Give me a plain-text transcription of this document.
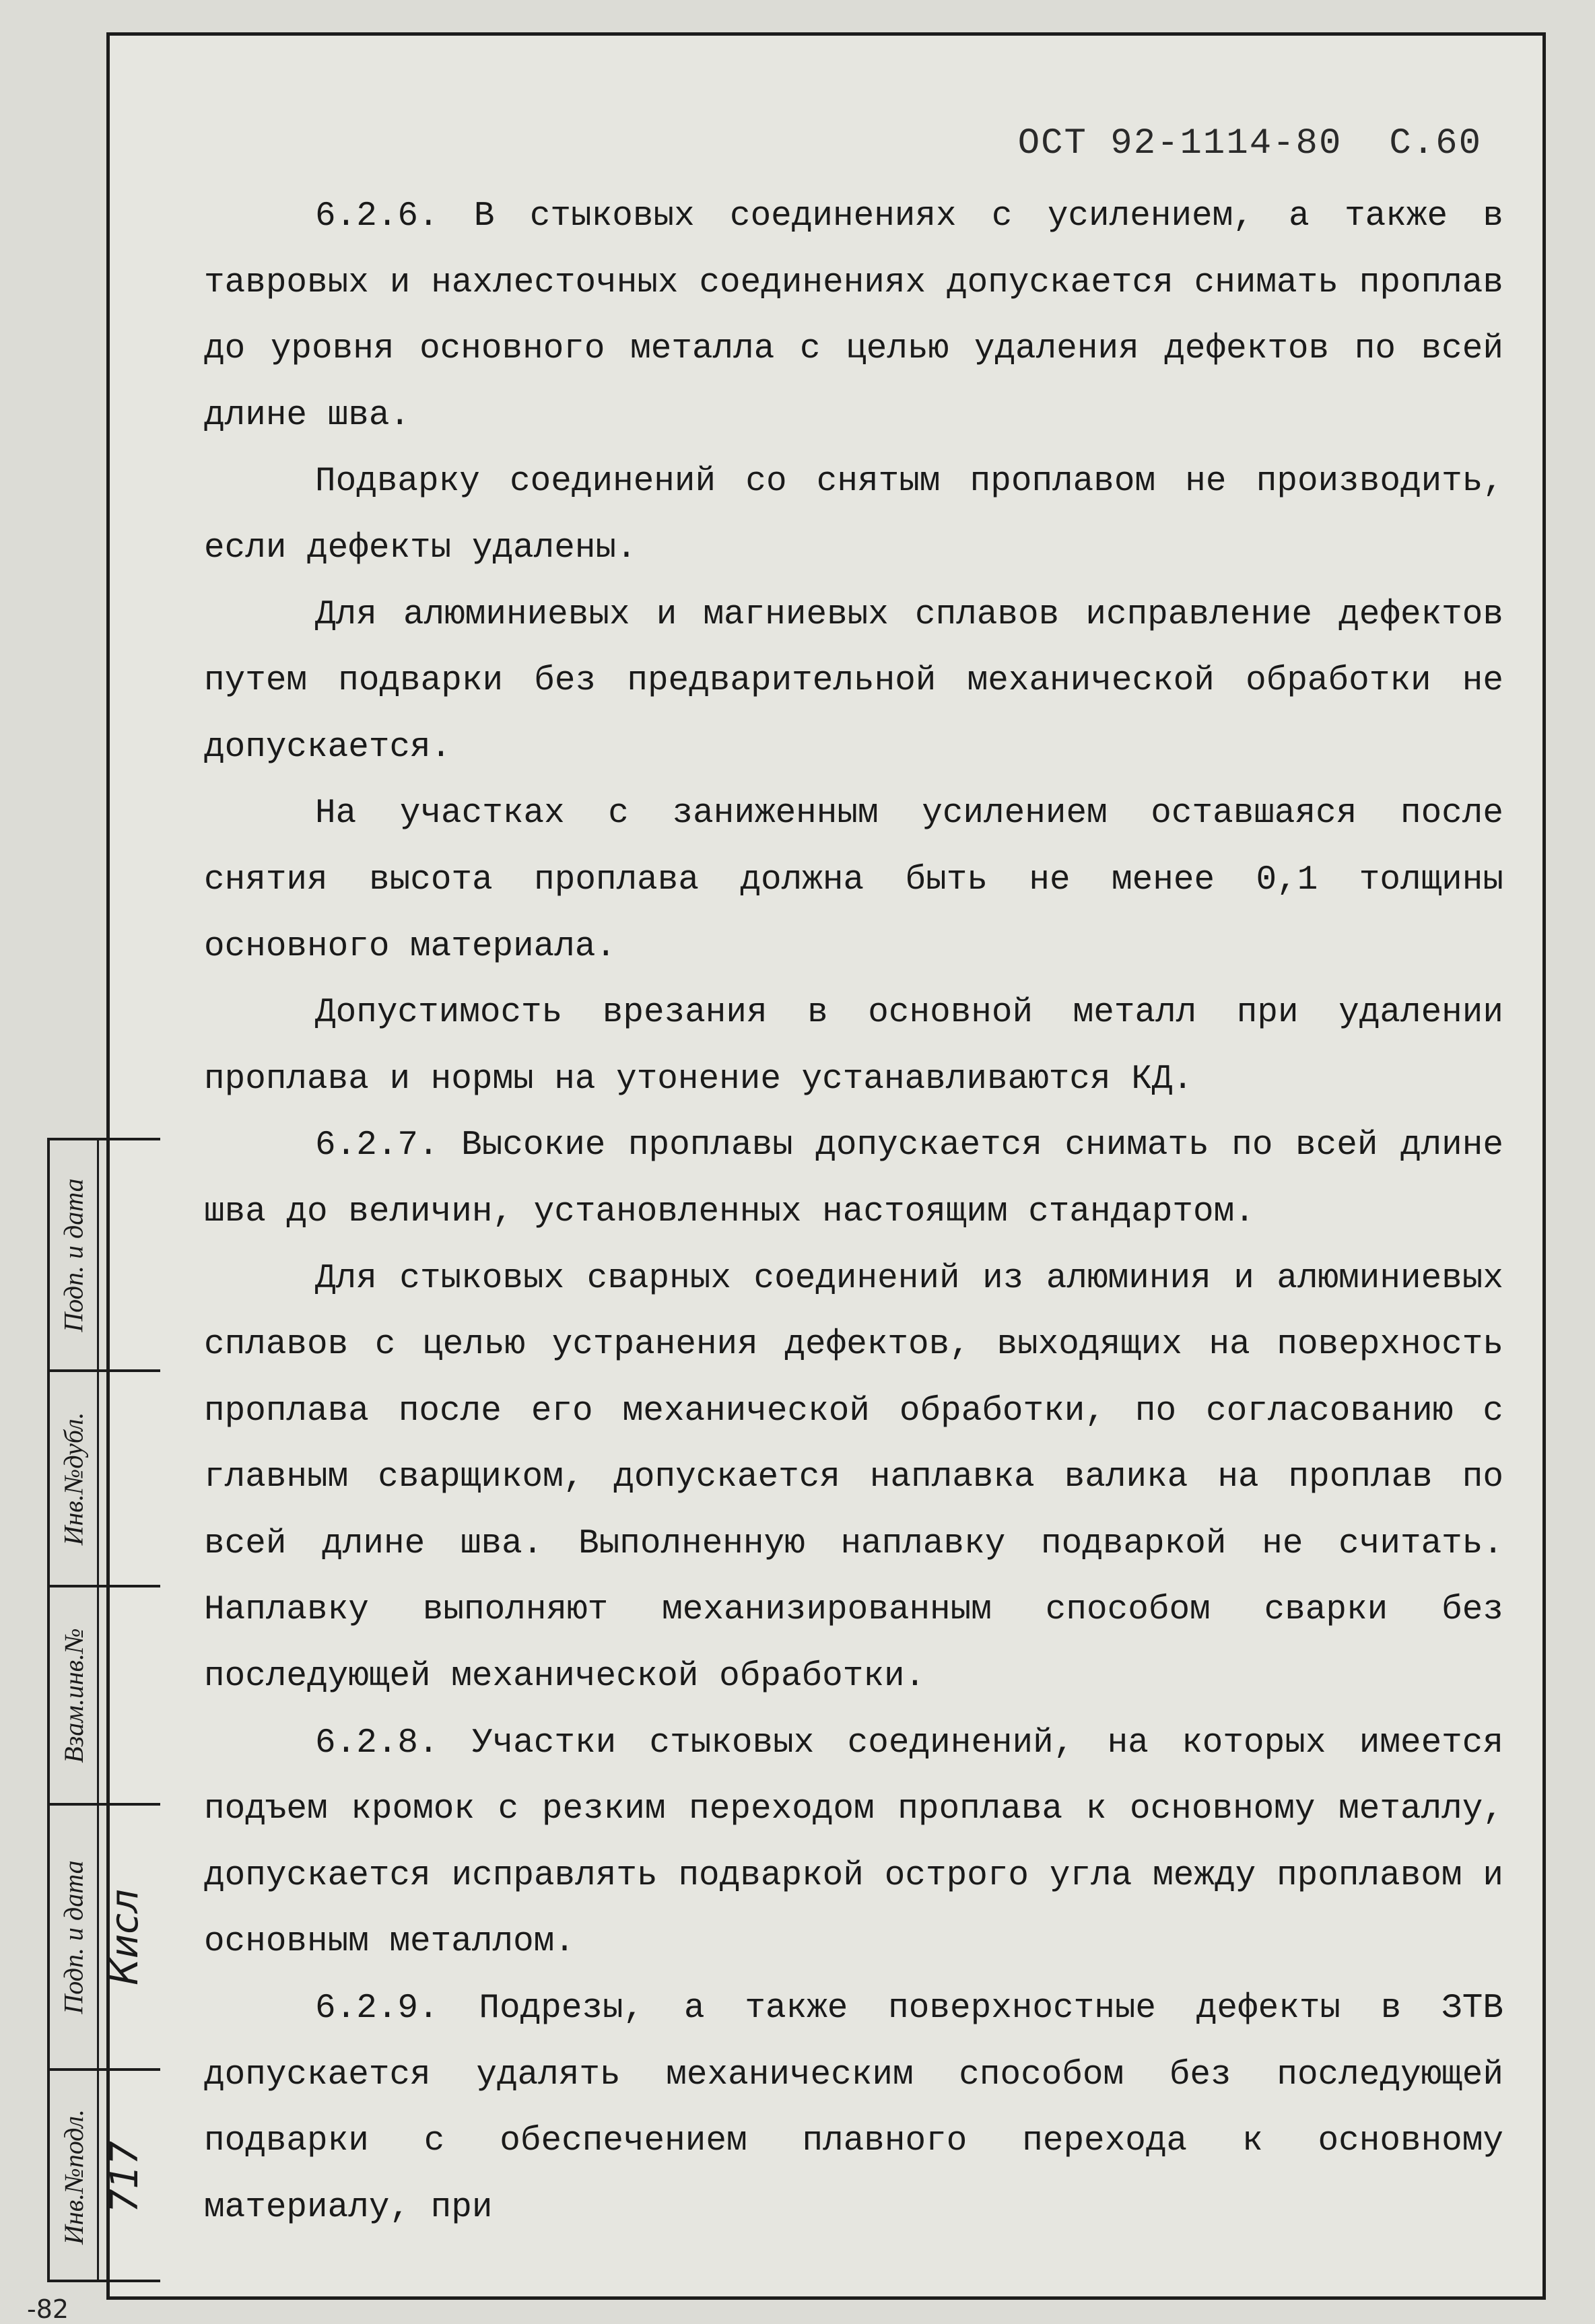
ОСТ 92-1114-80 С.60

6.2.6. В стыковых соединениях с усилением, а также в тавровых и нахлесточных соединениях допускается снимать проплав до уровня основного металла с целью удаления дефектов по всей длине шва.

Подварку соединений со снятым проплавом не производить, если дефекты удалены.

Для алюминиевых и магниевых сплавов исправление дефектов путем подварки без предварительной механической обработки не допускается.

На участках с заниженным усилением оставшаяся после снятия высота проплава должна быть не менее 0,1 толщины основного материала.

Допустимость врезания в основной металл при удалении проплава и нормы на утонение устанавливаются КД.

6.2.7. Высокие проплавы допускается снимать по всей длине шва до величин, установленных настоящим стандартом.

Для стыковых сварных соединений из алюминия и алюминиевых сплавов с целью устранения дефектов, выходящих на поверхность проплава после его механической обработки, по согласованию с главным сварщиком, допускается наплавка валика на проплав по всей длине шва. Выполненную наплавку подваркой не считать. Наплавку выполняют механизированным способом сварки без последующей механической обработки.

6.2.8. Участки стыковых соединений, на которых имеется подъем кромок с резким переходом проплава к основному металлу, допускается исправлять подваркой острого угла между проплавом и основным металлом.

6.2.9. Подрезы, а также поверхностные дефекты в ЗТВ допускается удалять механическим способом без последующей подварки с обеспечением плавного перехода к основному материалу, при

Подп. и дата
Инв.№дубл.
Взам.инв.№
Подп. и дата Кисл
Инв.№подл. 717
-82
